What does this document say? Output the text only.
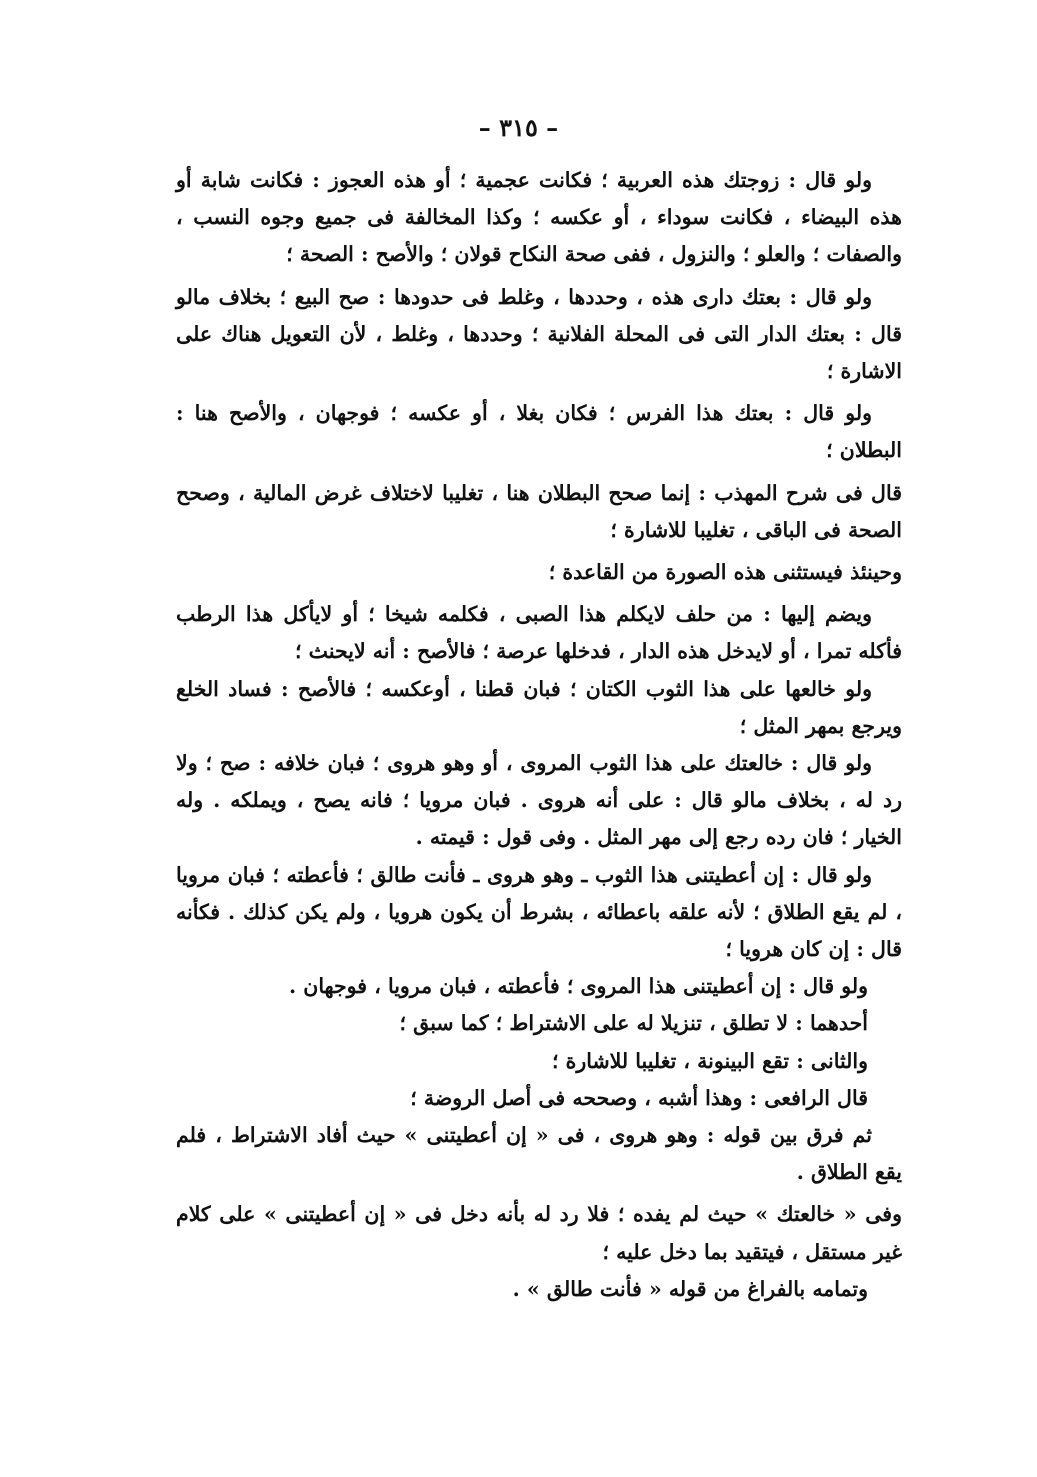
– ٣١٥ –

ولو قال : زوجتك هذه العربية ؛ فكانت عجمية ؛ أو هذه العجوز : فكانت شابة أو هذه البيضاء ، فكانت سوداء ، أو عكسه ؛ وكذا المخالفة فى جميع وجوه النسب ، والصفات ؛ والعلو ؛ والنزول ، ففى صحة النكاح قولان ؛ والأصح : الصحة ؛

ولو قال : بعتك دارى هذه ، وحددها ، وغلط فى حدودها : صح البيع ؛ بخلاف مالو قال : بعتك الدار التى فى المحلة الفلانية ؛ وحددها ، وغلط ، لأن التعويل هناك على الاشارة ؛

ولو قال : بعتك هذا الفرس ؛ فكان بغلا ، أو عكسه ؛ فوجهان ، والأصح هنا : البطلان ؛

قال فى شرح المهذب : إنما صحح البطلان هنا ، تغليبا لاختلاف غرض المالية ، وصحح الصحة فى الباقى ، تغليبا للاشارة ؛

وحينئذ فيستثنى هذه الصورة من القاعدة ؛

ويضم إليها : من حلف لايكلم هذا الصبى ، فكلمه شيخا ؛ أو لايأكل هذا الرطب فأكله تمرا ، أو لايدخل هذه الدار ، فدخلها عرصة ؛ فالأصح : أنه لايحنث ؛

ولو خالعها على هذا الثوب الكتان ؛ فبان قطنا ، أوعكسه ؛ فالأصح : فساد الخلع ويرجع بمهر المثل ؛

ولو قال : خالعتك على هذا الثوب المروى ، أو وهو هروى ؛ فبان خلافه : صح ؛ ولا رد له ، بخلاف مالو قال : على أنه هروى . فبان مرويا ؛ فانه يصح ، ويملكه . وله الخيار ؛ فان رده رجع إلى مهر المثل . وفى قول : قيمته .

ولو قال : إن أعطيتنى هذا الثوب ـ وهو هروى ـ فأنت طالق ؛ فأعطته ؛ فبان مرويا ، لم يقع الطلاق ؛ لأنه علقه باعطائه ، بشرط أن يكون هرويا ، ولم يكن كذلك . فكأنه قال : إن كان هرويا ؛

ولو قال : إن أعطيتنى هذا المروى ؛ فأعطته ، فبان مرويا ، فوجهان .

أحدهما : لا تطلق ، تنزيلا له على الاشتراط ؛ كما سبق ؛

والثانى : تقع البينونة ، تغليبا للاشارة ؛

قال الرافعى : وهذا أشبه ، وصححه فى أصل الروضة ؛

ثم فرق بين قوله : وهو هروى ، فى « إن أعطيتنى » حيث أفاد الاشتراط ، فلم يقع الطلاق .

وفى « خالعتك » حيث لم يفده ؛ فلا رد له بأنه دخل فى « إن أعطيتنى » على كلام غير مستقل ، فيتقيد بما دخل عليه ؛

وتمامه بالفراغ من قوله « فأنت طالق » .
